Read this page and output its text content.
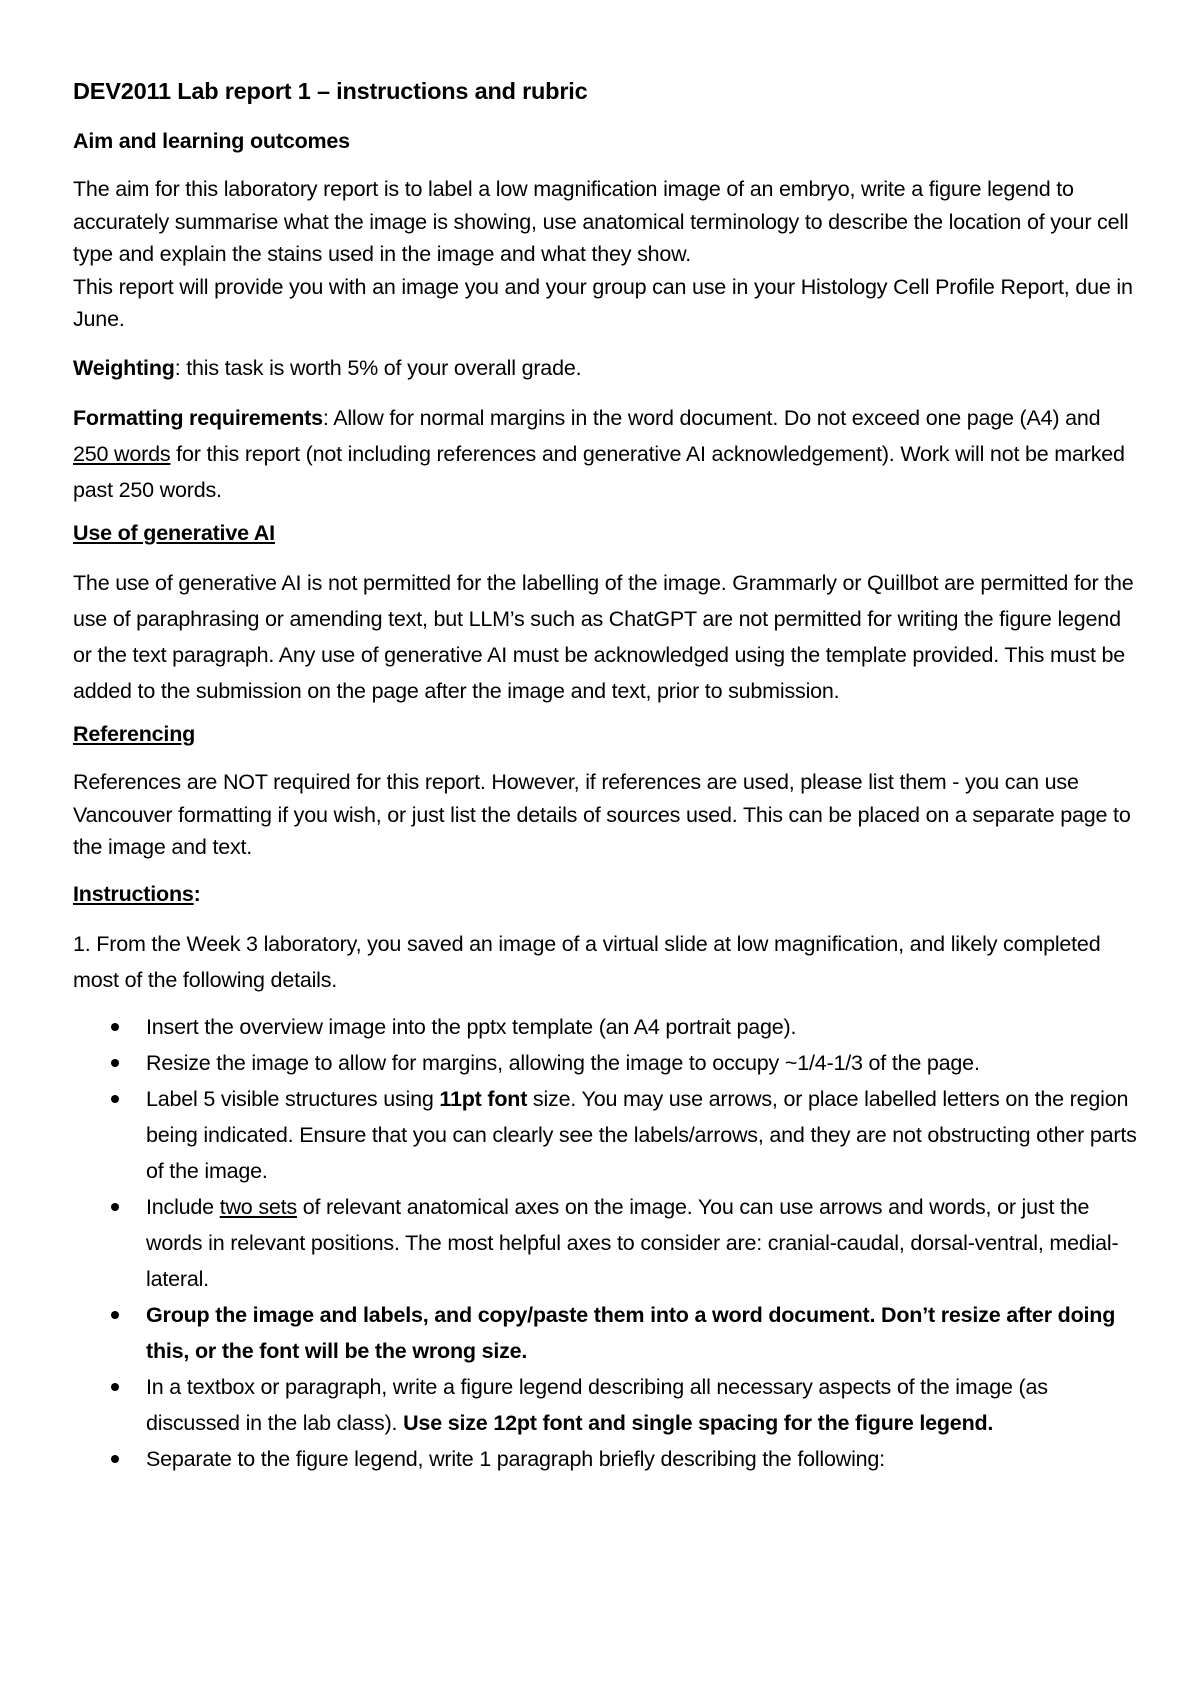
DEV2011 Lab report 1 – instructions and rubric
Aim and learning outcomes
The aim for this laboratory report is to label a low magnification image of an embryo, write a figure legend to accurately summarise what the image is showing, use anatomical terminology to describe the location of your cell type and explain the stains used in the image and what they show.
This report will provide you with an image you and your group can use in your Histology Cell Profile Report, due in June.
Weighting: this task is worth 5% of your overall grade.
Formatting requirements: Allow for normal margins in the word document. Do not exceed one page (A4) and 250 words for this report (not including references and generative AI acknowledgement). Work will not be marked past 250 words.
Use of generative AI
The use of generative AI is not permitted for the labelling of the image. Grammarly or Quillbot are permitted for the use of paraphrasing or amending text, but LLM’s such as ChatGPT are not permitted for writing the figure legend or the text paragraph. Any use of generative AI must be acknowledged using the template provided. This must be added to the submission on the page after the image and text, prior to submission.
Referencing
References are NOT required for this report. However, if references are used, please list them - you can use Vancouver formatting if you wish, or just list the details of sources used. This can be placed on a separate page to the image and text.
Instructions:
1. From the Week 3 laboratory, you saved an image of a virtual slide at low magnification, and likely completed most of the following details.
Insert the overview image into the pptx template (an A4 portrait page).
Resize the image to allow for margins, allowing the image to occupy ~1/4-1/3 of the page.
Label 5 visible structures using 11pt font size. You may use arrows, or place labelled letters on the region being indicated. Ensure that you can clearly see the labels/arrows, and they are not obstructing other parts of the image.
Include two sets of relevant anatomical axes on the image. You can use arrows and words, or just the words in relevant positions. The most helpful axes to consider are: cranial-caudal, dorsal-ventral, medial-lateral.
Group the image and labels, and copy/paste them into a word document. Don’t resize after doing this, or the font will be the wrong size.
In a textbox or paragraph, write a figure legend describing all necessary aspects of the image (as discussed in the lab class). Use size 12pt font and single spacing for the figure legend.
Separate to the figure legend, write 1 paragraph briefly describing the following:
